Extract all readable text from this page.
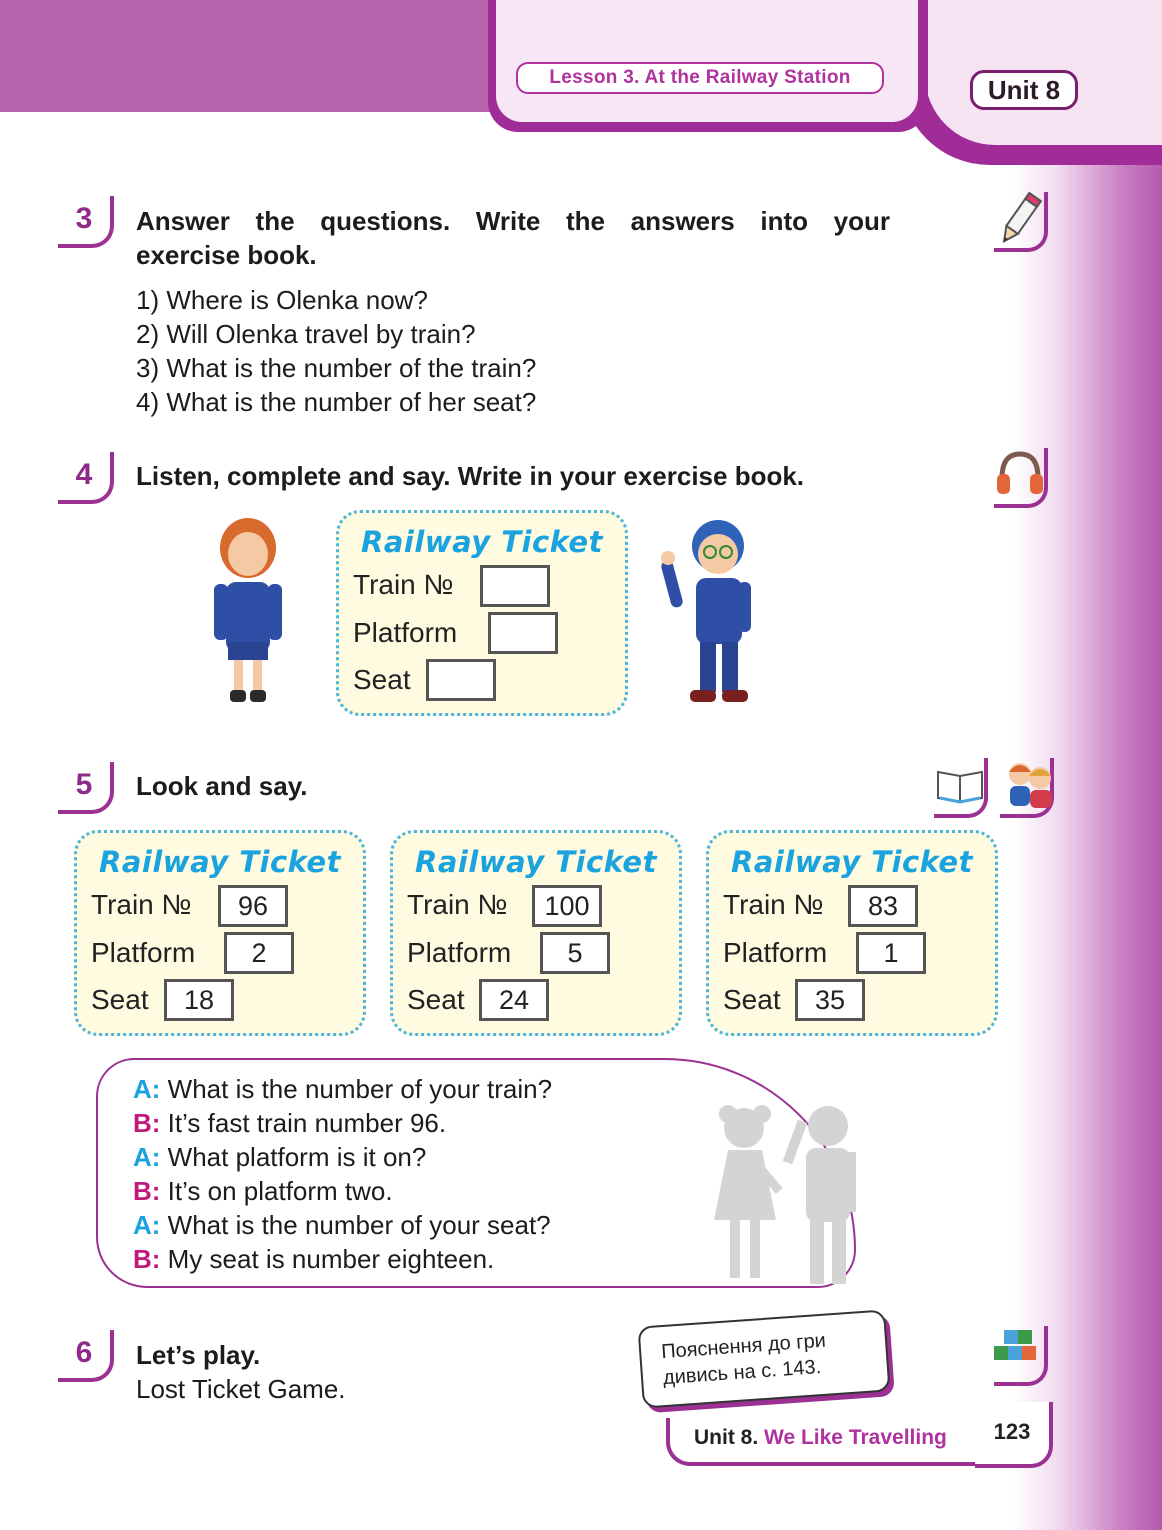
Lesson 3. At the Railway Station	Unit 8
3	Answer the questions. Write the answers into your
exercise book.
1) Where is Olenka now?
2) Will Olenka travel by train?
3) What is the number of the train?
4) What is the number of her seat?
4	Listen, complete and say. Write in your exercise book.
Railway Ticket
Train №
Platform
Seat
5	Look and say.
Railway Ticket
Train №	96
Platform	2
Seat	18
Railway Ticket
Train №	100
Platform	5
Seat	24
Railway Ticket
Train №	83
Platform	1
Seat	35
A: What is the number of your train?
B: It’s fast train number 96.
A: What platform is it on?
B: It’s on platform two.
A: What is the number of your seat?
B: My seat is number eighteen.
6	Let’s play.
Lost Ticket Game.
Пояснення до гри
дивись на с. 143.
Unit 8. We Like Travelling	123
